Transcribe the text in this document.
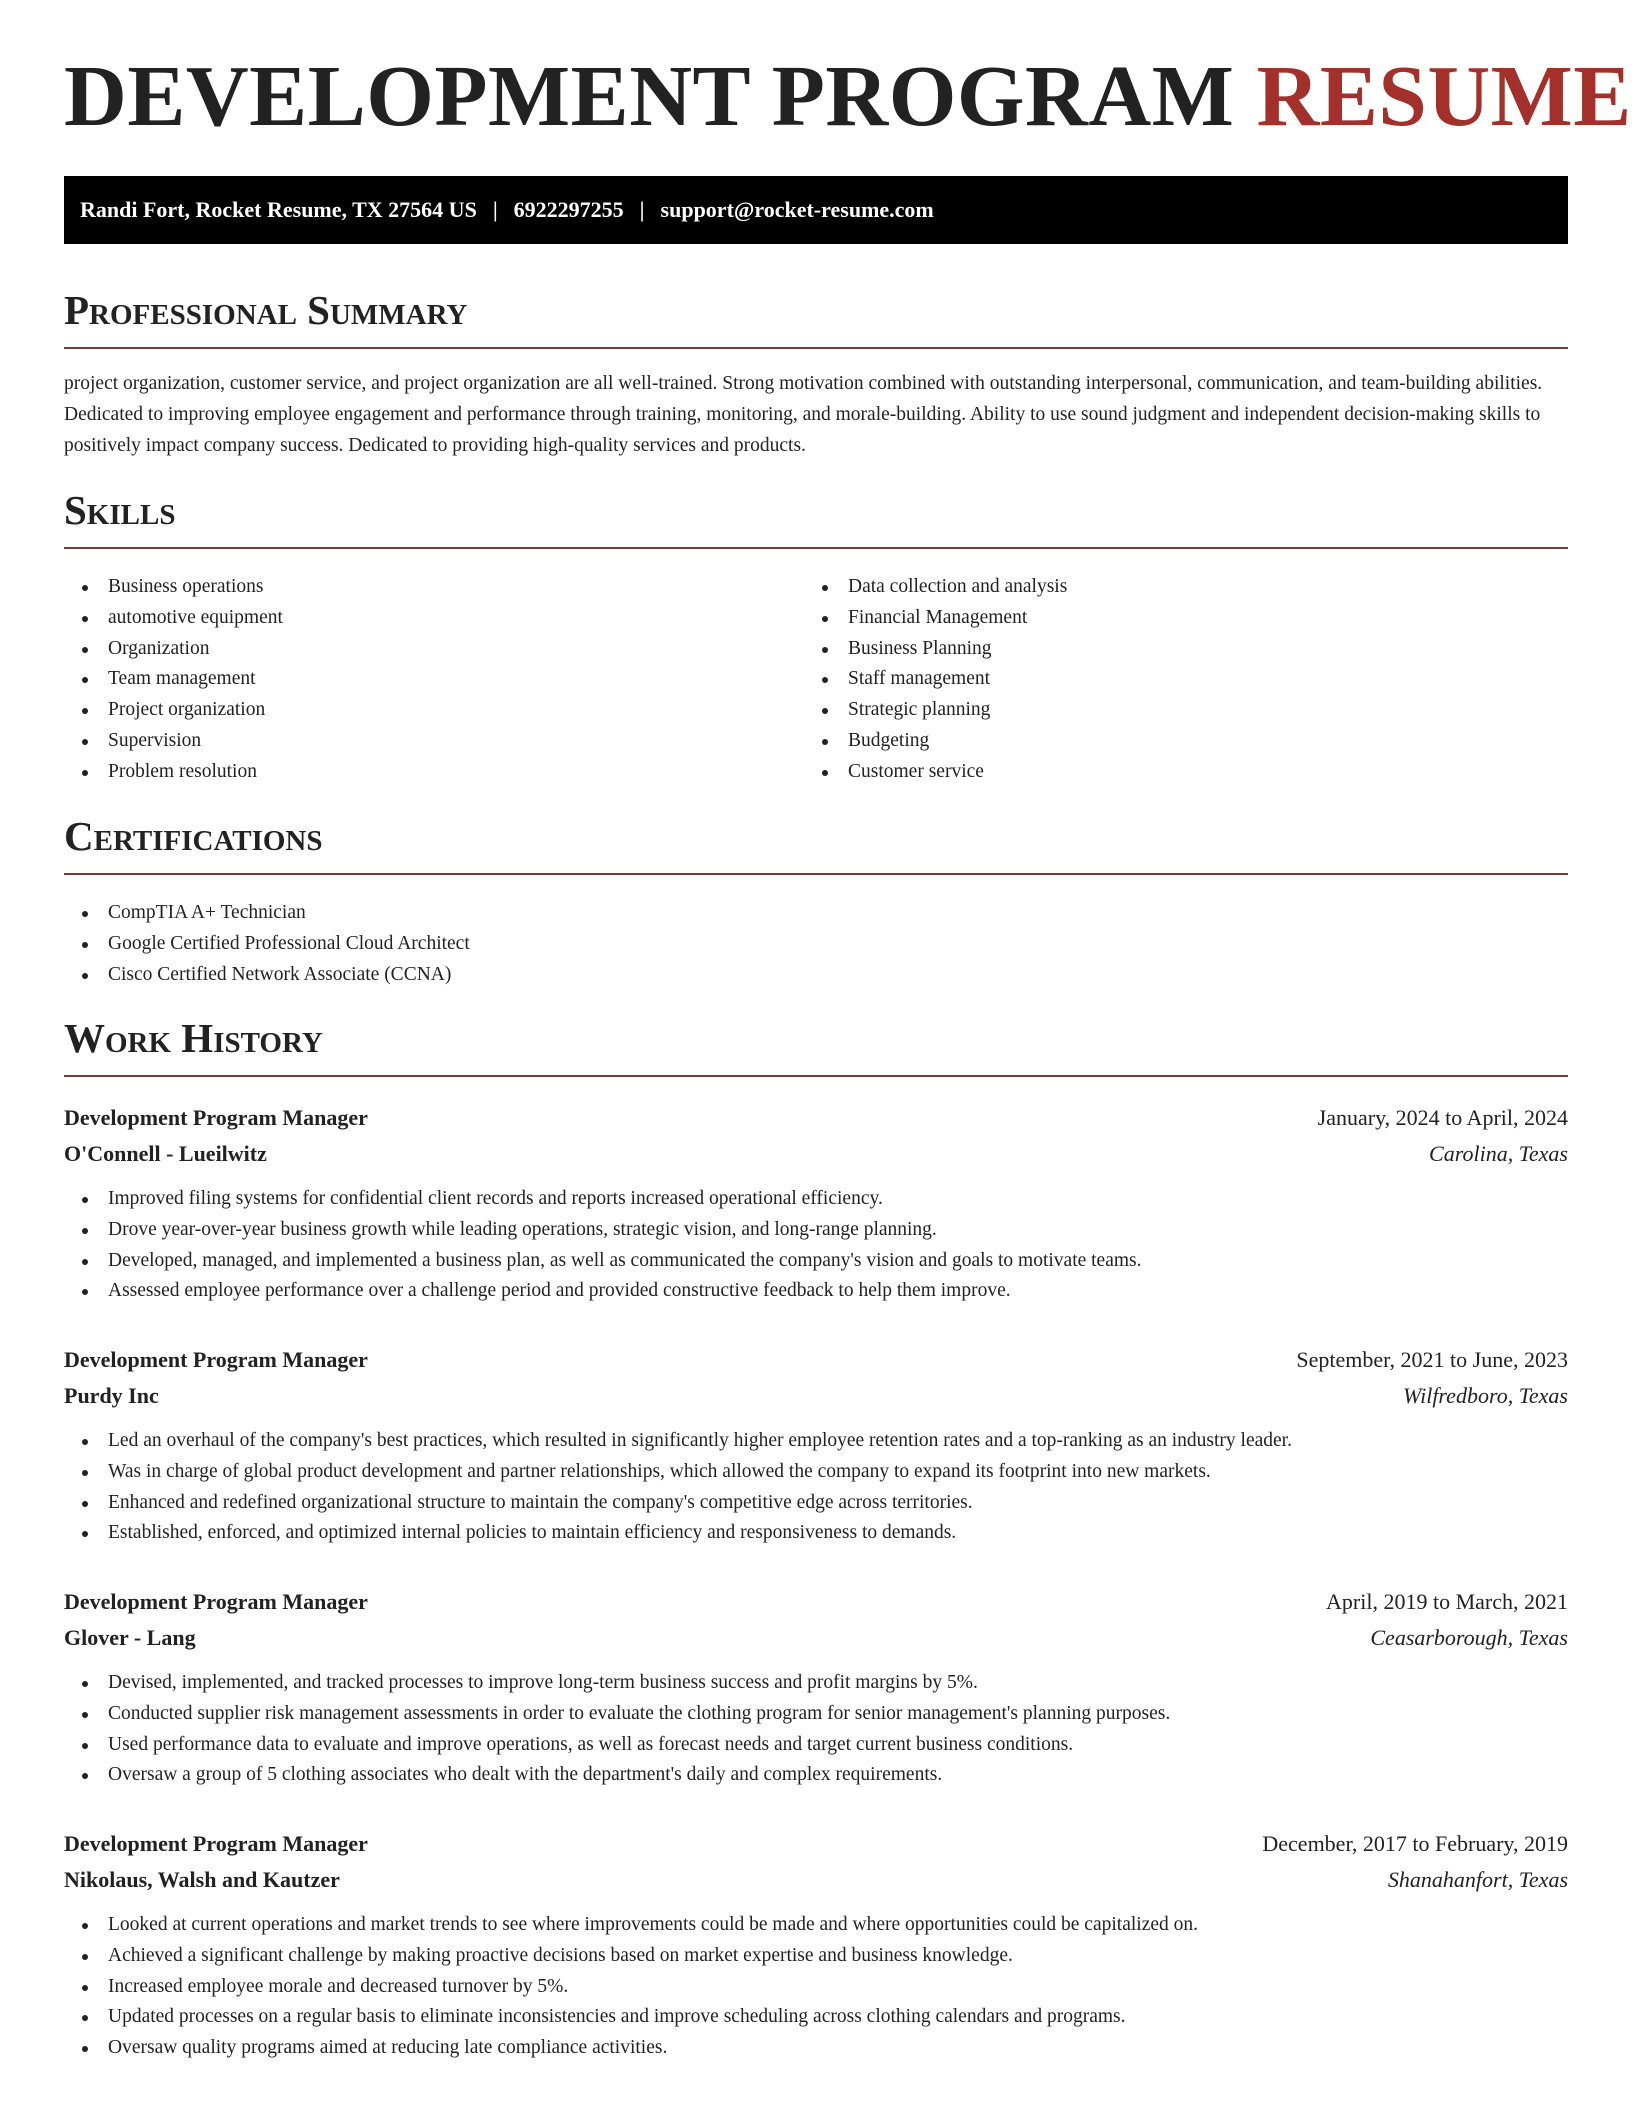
DEVELOPMENT PROGRAM RESUME
Randi Fort, Rocket Resume, TX 27564 US | 6922297255 | support@rocket-resume.com
Professional Summary

project organization, customer service, and project organization are all well-trained. Strong motivation combined with outstanding interpersonal, communication, and team-building abilities. Dedicated to improving employee engagement and performance through training, monitoring, and morale-building. Ability to use sound judgment and independent decision-making skills to positively impact company success. Dedicated to providing high-quality services and products.

Skills
Business operations
automotive equipment
Organization
Team management
Project organization
Supervision
Problem resolution
Data collection and analysis
Financial Management
Business Planning
Staff management
Strategic planning
Budgeting
Customer service
Certifications
CompTIA A+ Technician
Google Certified Professional Cloud Architect
Cisco Certified Network Associate (CCNA)
Work History
Development Program Manager	January, 2024 to April, 2024
O'Connell - Lueilwitz	Carolina, Texas
Improved filing systems for confidential client records and reports increased operational efficiency.
Drove year-over-year business growth while leading operations, strategic vision, and long-range planning.
Developed, managed, and implemented a business plan, as well as communicated the company's vision and goals to motivate teams.
Assessed employee performance over a challenge period and provided constructive feedback to help them improve.
Development Program Manager	September, 2021 to June, 2023
Purdy Inc	Wilfredboro, Texas
Led an overhaul of the company's best practices, which resulted in significantly higher employee retention rates and a top-ranking as an industry leader.
Was in charge of global product development and partner relationships, which allowed the company to expand its footprint into new markets.
Enhanced and redefined organizational structure to maintain the company's competitive edge across territories.
Established, enforced, and optimized internal policies to maintain efficiency and responsiveness to demands.
Development Program Manager	April, 2019 to March, 2021
Glover - Lang	Ceasarborough, Texas
Devised, implemented, and tracked processes to improve long-term business success and profit margins by 5%.
Conducted supplier risk management assessments in order to evaluate the clothing program for senior management's planning purposes.
Used performance data to evaluate and improve operations, as well as forecast needs and target current business conditions.
Oversaw a group of 5 clothing associates who dealt with the department's daily and complex requirements.
Development Program Manager	December, 2017 to February, 2019
Nikolaus, Walsh and Kautzer	Shanahanfort, Texas
Looked at current operations and market trends to see where improvements could be made and where opportunities could be capitalized on.
Achieved a significant challenge by making proactive decisions based on market expertise and business knowledge.
Increased employee morale and decreased turnover by 5%.
Updated processes on a regular basis to eliminate inconsistencies and improve scheduling across clothing calendars and programs.
Oversaw quality programs aimed at reducing late compliance activities.
